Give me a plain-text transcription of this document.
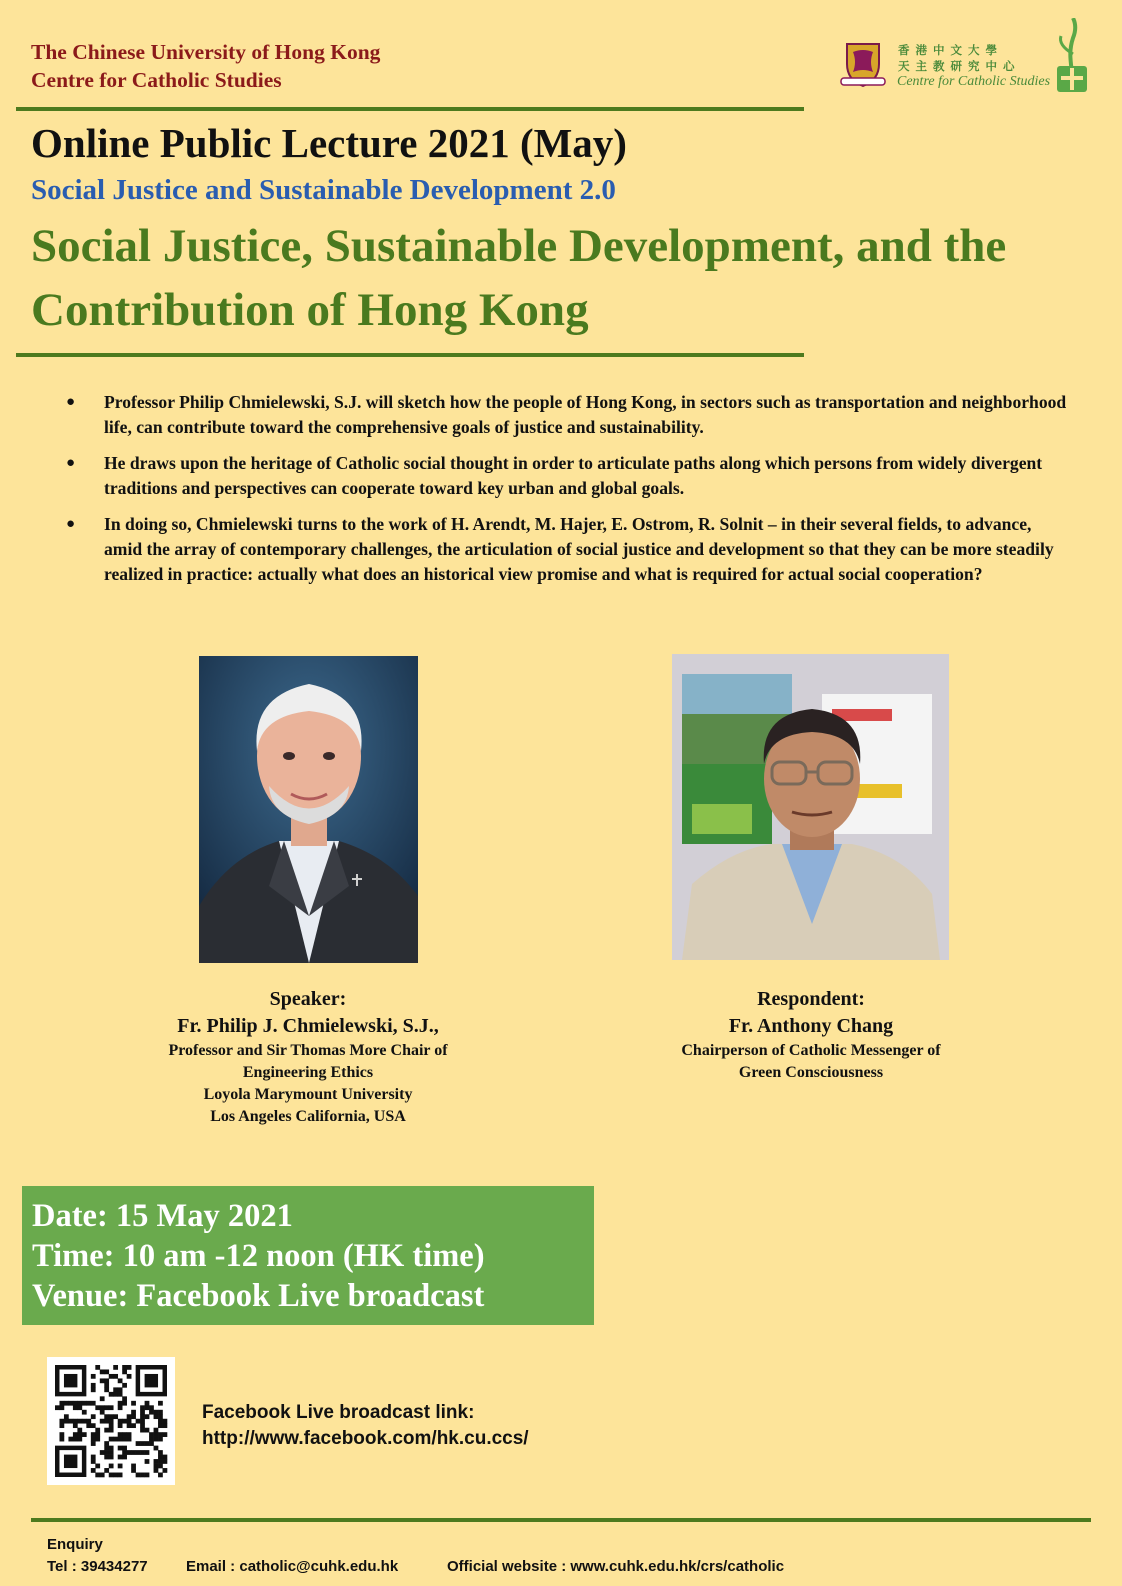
The Chinese University of Hong Kong
Centre for Catholic Studies
香港中文大學
天主教研究中心
Centre for Catholic Studies
Online Public Lecture 2021 (May)
Social Justice and Sustainable Development 2.0
Social Justice, Sustainable Development, and the Contribution of Hong Kong
● Professor Philip Chmielewski, S.J. will sketch how the people of Hong Kong, in sectors such as transportation and neighborhood life, can contribute toward the comprehensive goals of justice and sustainability.
● He draws upon the heritage of Catholic social thought in order to articulate paths along which persons from widely divergent traditions and perspectives can cooperate toward key urban and global goals.
● In doing so, Chmielewski turns to the work of H. Arendt, M. Hajer, E. Ostrom, R. Solnit – in their several fields, to advance, amid the array of contemporary challenges, the articulation of social justice and development so that they can be more steadily realized in practice: actually what does an historical view promise and what is required for actual social cooperation?
Speaker:
Fr. Philip J. Chmielewski, S.J.,
Professor and Sir Thomas More Chair of
Engineering Ethics
Loyola Marymount University
Los Angeles California, USA
Respondent:
Fr. Anthony Chang
Chairperson of Catholic Messenger of
Green Consciousness
Date: 15 May 2021
Time: 10 am -12 noon (HK time)
Venue: Facebook Live broadcast
Facebook Live broadcast link:
http://www.facebook.com/hk.cu.ccs/
Enquiry
Tel : 39434277	Email : catholic@cuhk.edu.hk	Official website : www.cuhk.edu.hk/crs/catholic
